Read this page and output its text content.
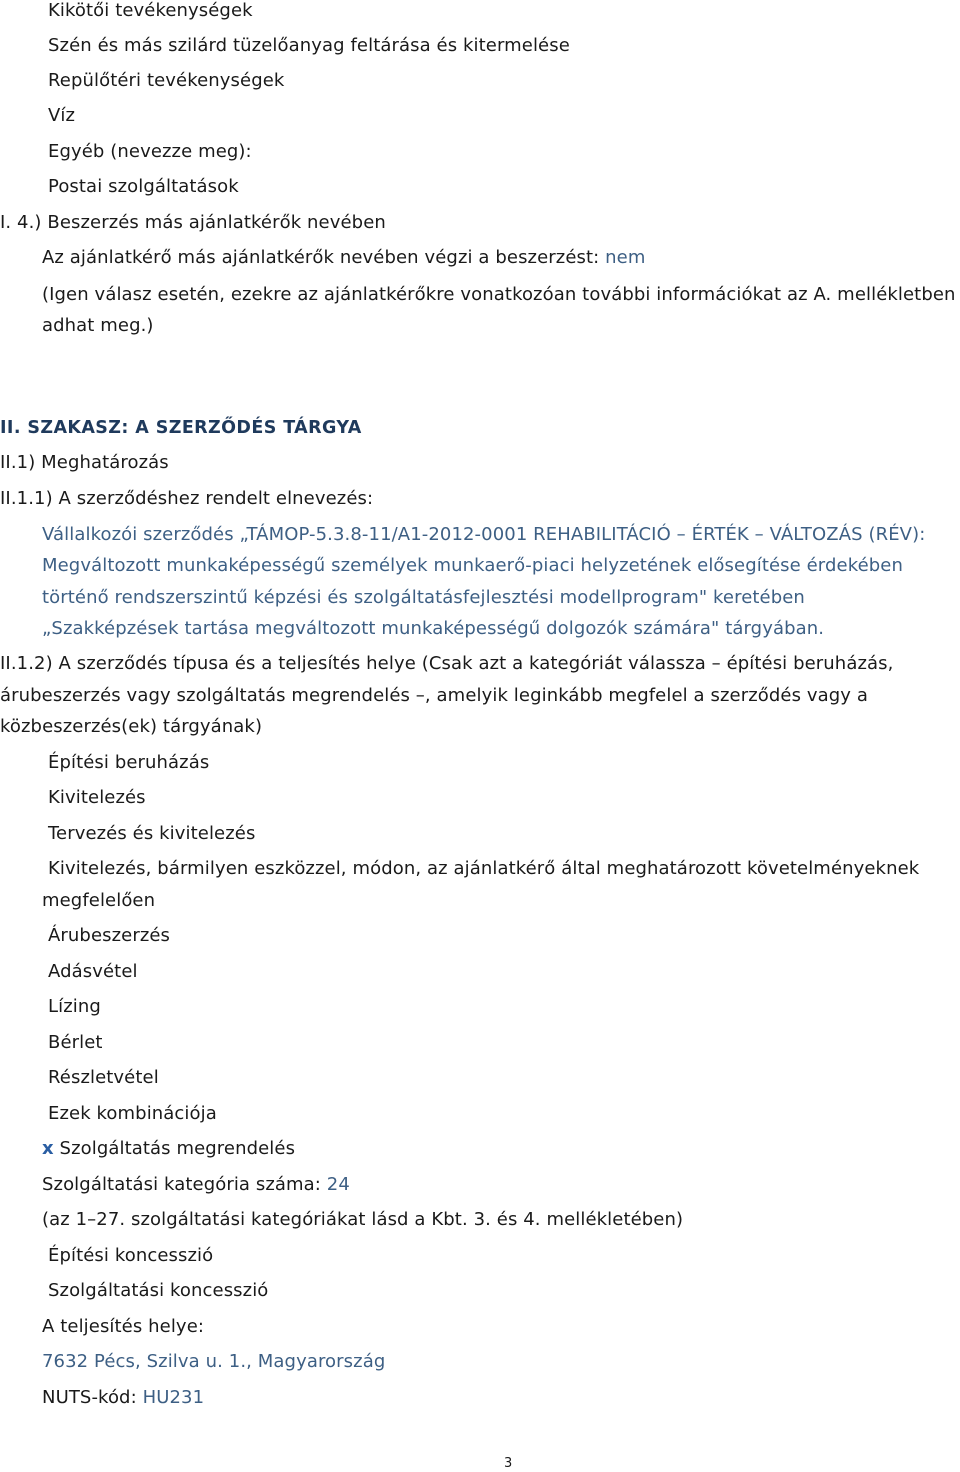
Kikötői tevékenységek
Szén és más szilárd tüzelőanyag feltárása és kitermelése
Repülőtéri tevékenységek
Víz
Egyéb (nevezze meg):
Postai szolgáltatások
I. 4.) Beszerzés más ajánlatkérők nevében
Az ajánlatkérő más ajánlatkérők nevében végzi a beszerzést: nem
(Igen válasz esetén, ezekre az ajánlatkérőkre vonatkozóan további információkat az A. mellékletben
adhat meg.)
II. SZAKASZ: A SZERZŐDÉS TÁRGYA
II.1) Meghatározás
II.1.1) A szerződéshez rendelt elnevezés:
Vállalkozói szerződés „TÁMOP-5.3.8-11/A1-2012-0001 REHABILITÁCIÓ – ÉRTÉK – VÁLTOZÁS (RÉV):
Megváltozott munkaképességű személyek munkaerő-piaci helyzetének elősegítése érdekében
történő rendszerszintű képzési és szolgáltatásfejlesztési modellprogram" keretében
„Szakképzések tartása megváltozott munkaképességű dolgozók számára" tárgyában.
II.1.2) A szerződés típusa és a teljesítés helye (Csak azt a kategóriát válassza – építési beruházás,
árubeszerzés vagy szolgáltatás megrendelés –, amelyik leginkább megfelel a szerződés vagy a
közbeszerzés(ek) tárgyának)
Építési beruházás
Kivitelezés
Tervezés és kivitelezés
Kivitelezés, bármilyen eszközzel, módon, az ajánlatkérő által meghatározott követelményeknek
megfelelően
Árubeszerzés
Adásvétel
Lízing
Bérlet
Részletvétel
Ezek kombinációja
x Szolgáltatás megrendelés
Szolgáltatási kategória száma: 24
(az 1–27. szolgáltatási kategóriákat lásd a Kbt. 3. és 4. mellékletében)
Építési koncesszió
Szolgáltatási koncesszió
A teljesítés helye:
7632 Pécs, Szilva u. 1., Magyarország
NUTS-kód: HU231
3
